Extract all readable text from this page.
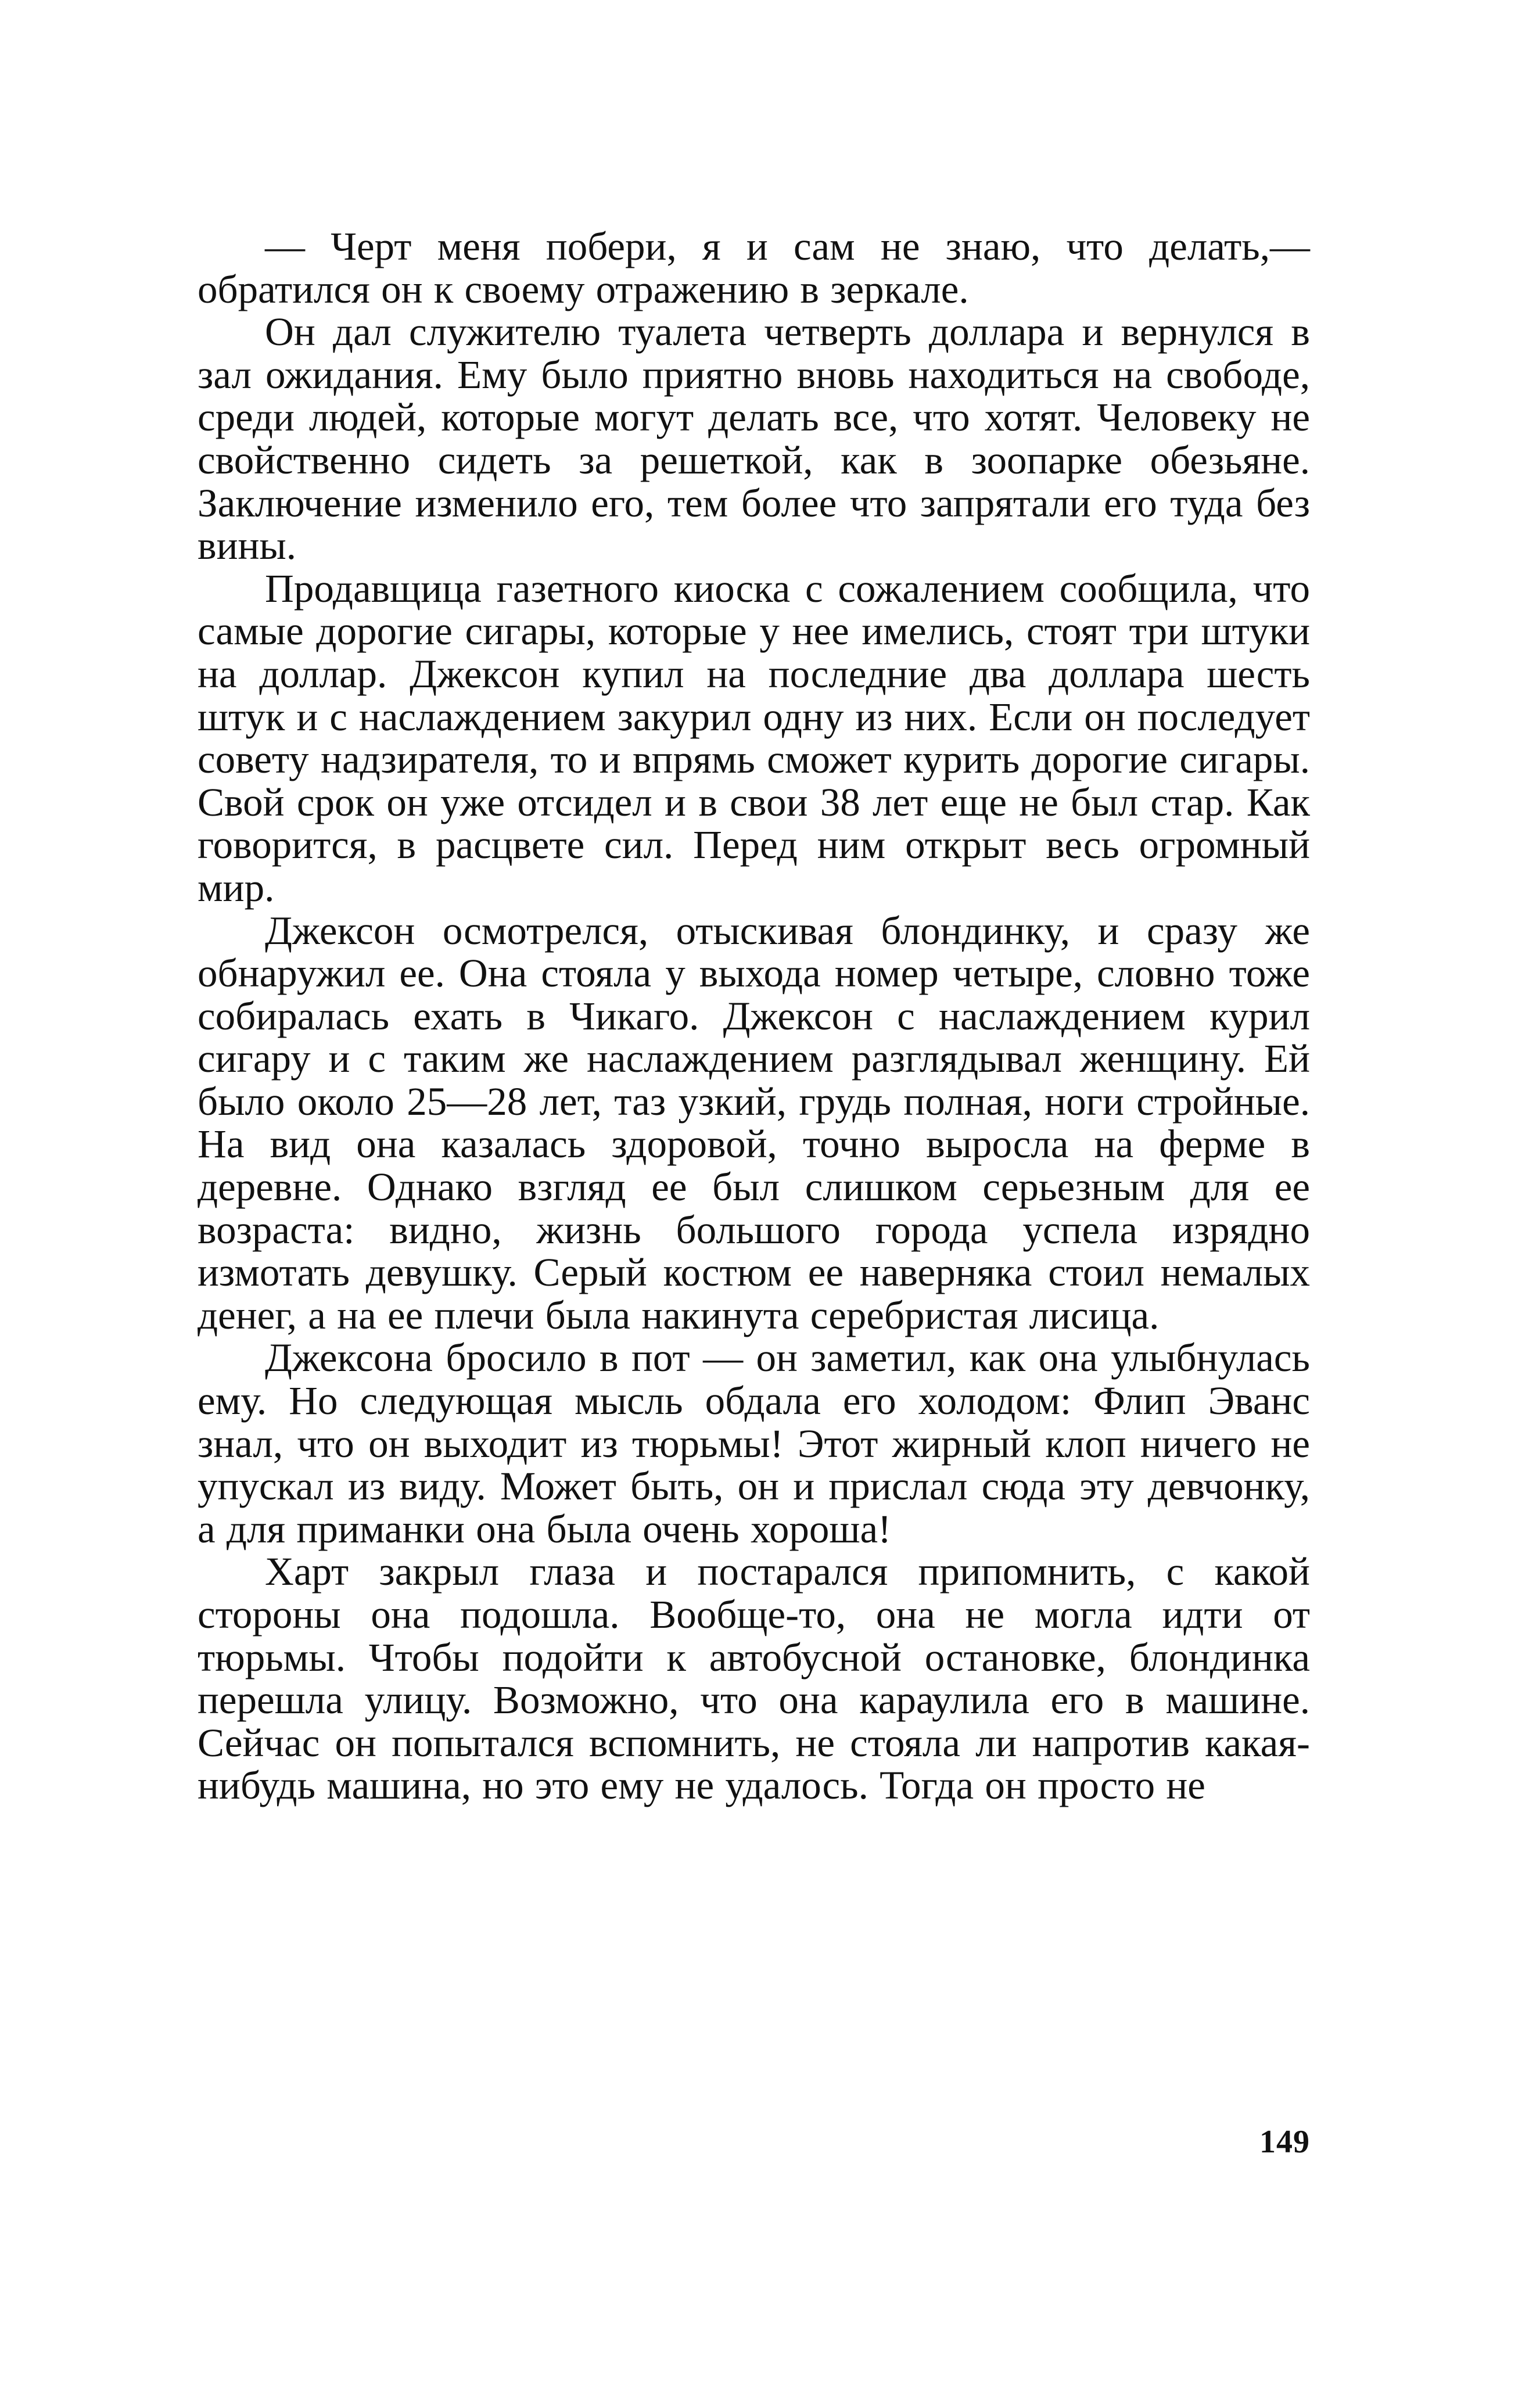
— Черт меня побери, я и сам не знаю, что делать,— обратился он к своему отражению в зеркале.

Он дал служителю туалета четверть доллара и вернулся в зал ожидания. Ему было приятно вновь находиться на свободе, среди людей, которые могут делать все, что хотят. Человеку не свойственно сидеть за решеткой, как в зоопарке обезьяне. Заключение изменило его, тем более что запрятали его туда без вины.

Продавщица газетного киоска с сожалением сообщила, что самые дорогие сигары, которые у нее имелись, стоят три штуки на доллар. Джексон купил на последние два доллара шесть штук и с наслаждением закурил одну из них. Если он последует совету надзирателя, то и впрямь сможет курить дорогие сигары. Свой срок он уже отсидел и в свои 38 лет еще не был стар. Как говорится, в расцвете сил. Перед ним открыт весь огромный мир.

Джексон осмотрелся, отыскивая блондинку, и сразу же обнаружил ее. Она стояла у выхода номер четыре, словно тоже собиралась ехать в Чикаго. Джексон с наслаждением курил сигару и с таким же наслаждением разглядывал женщину. Ей было около 25—28 лет, таз узкий, грудь полная, ноги стройные. На вид она казалась здоровой, точно выросла на ферме в деревне. Однако взгляд ее был слишком серьезным для ее возраста: видно, жизнь большого города успела изрядно измотать девушку. Серый костюм ее наверняка стоил немалых денег, а на ее плечи была накинута серебристая лисица.

Джексона бросило в пот — он заметил, как она улыбнулась ему. Но следующая мысль обдала его холодом: Флип Эванс знал, что он выходит из тюрьмы! Этот жирный клоп ничего не упускал из виду. Может быть, он и прислал сюда эту девчонку, а для приманки она была очень хороша!

Харт закрыл глаза и постарался припомнить, с какой стороны она подошла. Вообще-то, она не могла идти от тюрьмы. Чтобы подойти к автобусной остановке, блондинка перешла улицу. Возможно, что она караулила его в машине. Сейчас он попытался вспомнить, не стояла ли напротив какая-нибудь машина, но это ему не удалось. Тогда он просто не

149
